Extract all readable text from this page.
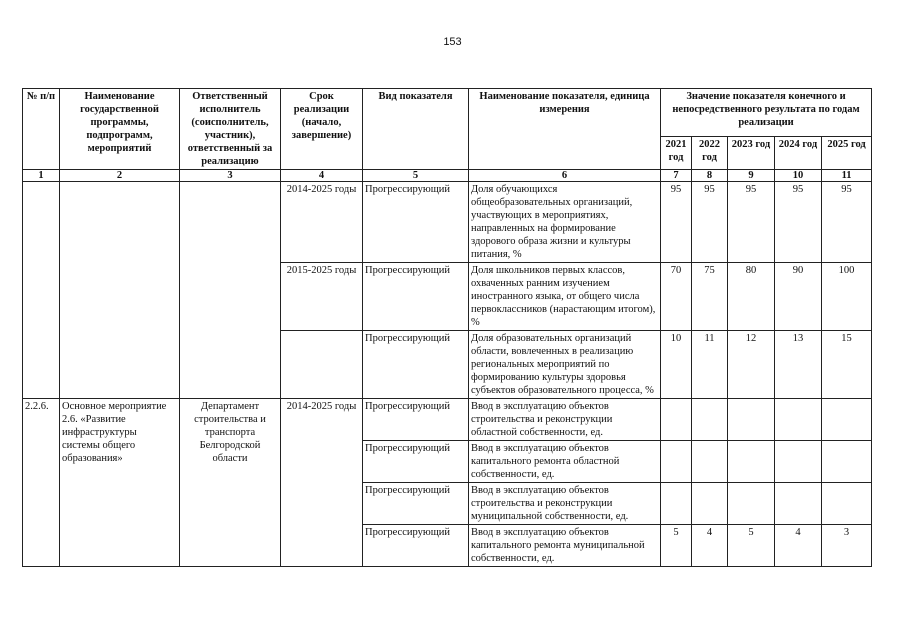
153
№ п/п	Наименование государственной программы, подпрограмм, мероприятий	Ответственный исполнитель (соисполнитель, участник), ответственный за реализацию	Срок реализации (начало, завершение)	Вид показателя	Наименование показателя, единица измерения	Значение показателя конечного и непосредственного результата по годам реализации				
						2021 год	2022 год	2023 год	2024 год	2025 год
1	2	3	4	5	6	7	8	9	10	11
			2014-2025 годы	Прогрессирующий	Доля обучающихся общеобразовательных организаций, участвующих в мероприятиях, направленных на формирование здорового образа жизни и культуры питания, %	95	95	95	95	95
			2015-2025 годы	Прогрессирующий	Доля школьников первых классов, охваченных ранним изучением иностранного языка, от общего числа первоклассников (нарастающим итогом), %	70	75	80	90	100
				Прогрессирующий	Доля образовательных организаций области, вовлеченных в реализацию региональных мероприятий по формированию культуры здоровья субъектов образовательного процесса, %	10	11	12	13	15
2.2.6.	Основное мероприятие 2.6. «Развитие инфраструктуры системы общего образования»	Департамент строительства и транспорта Белгородской области	2014-2025 годы	Прогрессирующий	Ввод в эксплуатацию объектов строительства и реконструкции областной собственности, ед.					
				Прогрессирующий	Ввод в эксплуатацию объектов капитального ремонта областной собственности, ед.					
				Прогрессирующий	Ввод в эксплуатацию объектов строительства и реконструкции муниципальной собственности, ед.					
				Прогрессирующий	Ввод в эксплуатацию объектов капитального ремонта муниципальной собственности, ед.	5	4	5	4	3
